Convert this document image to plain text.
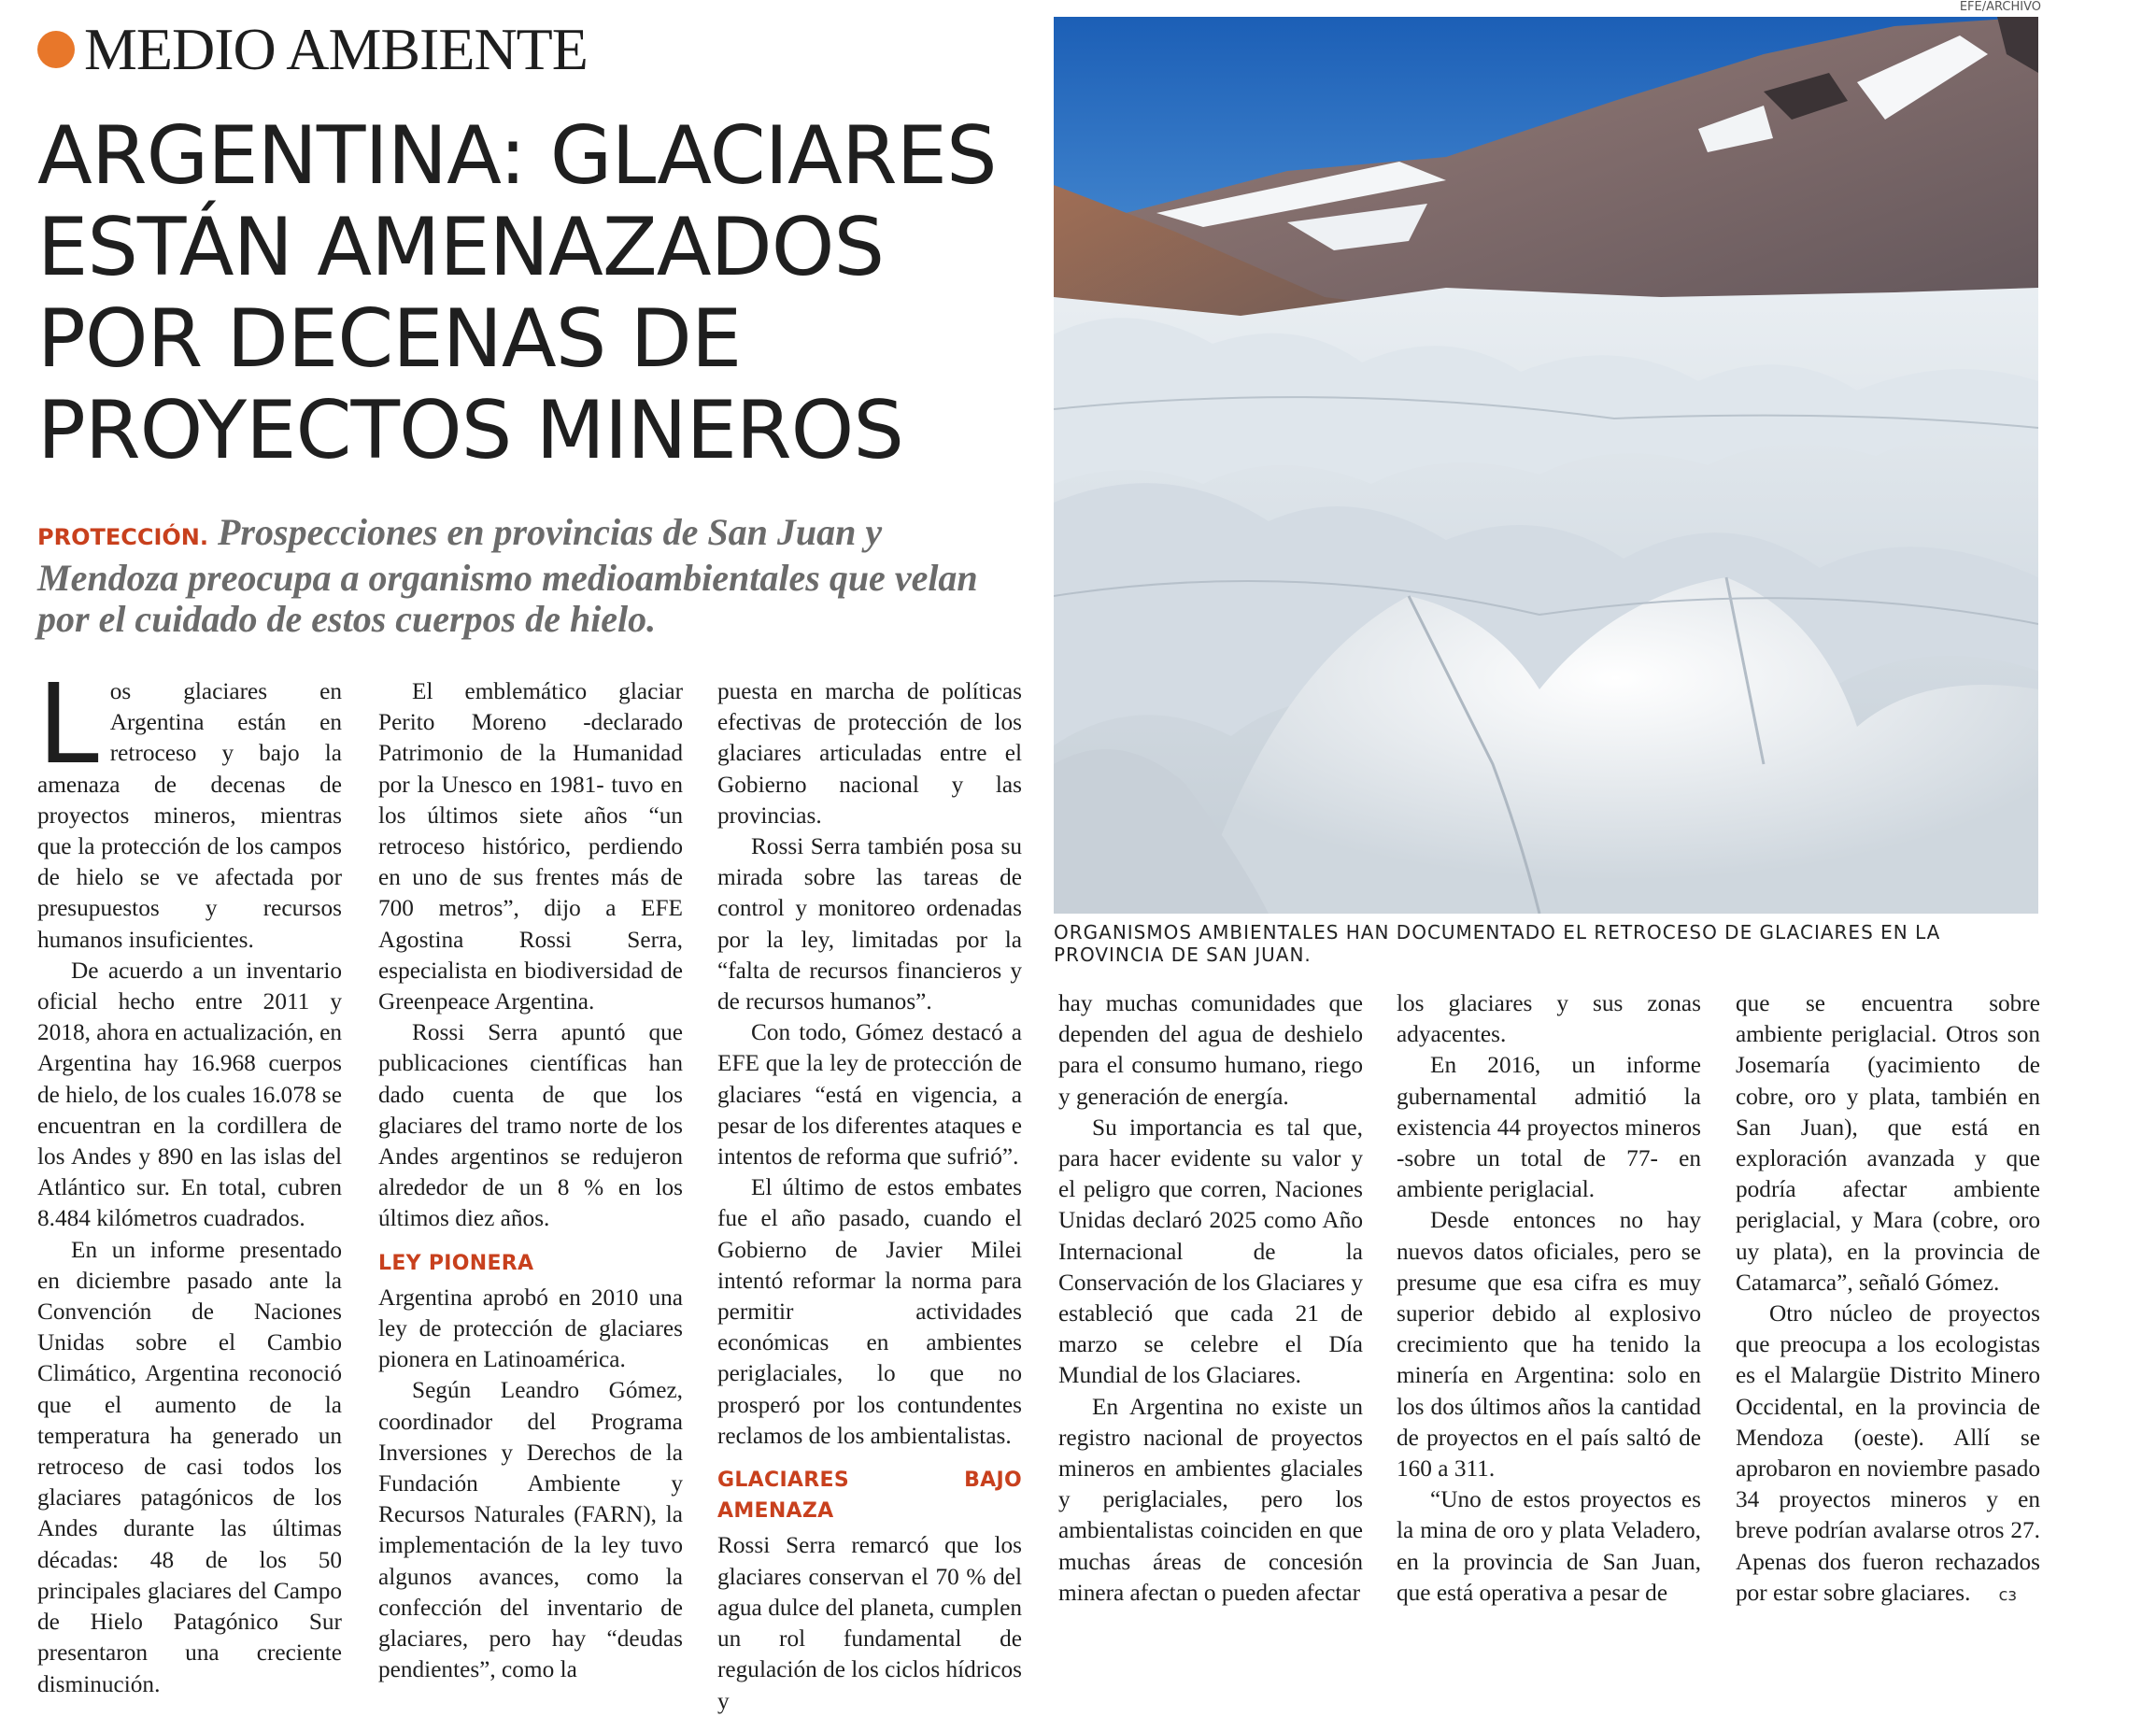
MEDIO AMBIENTE
ARGENTINA: GLACIARES
ESTÁN AMENAZADOS
POR DECENAS DE
PROYECTOS MINEROS
PROTECCIÓN. Prospecciones en provincias de San Juan y Mendoza preocupa a organismo medioambientales que velan por el cuidado de estos cuerpos de hielo.
EFE/ARCHIVO
ORGANISMOS AMBIENTALES HAN DOCUMENTADO EL RETROCESO DE GLACIARES EN LA PROVINCIA DE SAN JUAN.
L os glaciares en Argentina están en retroceso y bajo la amenaza de decenas de proyectos mineros, mientras que la protección de los campos de hielo se ve afectada por presupuestos y recursos humanos insuficientes.

De acuerdo a un inventario oficial hecho entre 2011 y 2018, ahora en actualización, en Argentina hay 16.968 cuerpos de hielo, de los cuales 16.078 se encuentran en la cordillera de los Andes y 890 en las islas del Atlántico sur. En total, cubren 8.484 kilómetros cuadrados.

En un informe presentado en diciembre pasado ante la Convención de Naciones Unidas sobre el Cambio Climático, Argentina reconoció que el aumento de la temperatura ha generado un retroceso de casi todos los glaciares patagónicos de los Andes durante las últimas décadas: 48 de los 50 principales glaciares del Campo de Hielo Patagónico Sur presentaron una creciente disminución.

El emblemático glaciar Perito Moreno -declarado Patrimonio de la Humanidad por la Unesco en 1981- tuvo en los últimos siete años “un retroceso histórico, perdiendo en uno de sus frentes más de 700 metros”, dijo a EFE Agostina Rossi Serra, especialista en biodiversidad de Greenpeace Argentina.

Rossi Serra apuntó que publicaciones científicas han dado cuenta de que los glaciares del tramo norte de los Andes argentinos se redujeron alrededor de un 8 % en los últimos diez años.

LEY PIONERA

Argentina aprobó en 2010 una ley de protección de glaciares pionera en Latinoamérica.

Según Leandro Gómez, coordinador del Programa Inversiones y Derechos de la Fundación Ambiente y Recursos Naturales (FARN), la implementación de la ley tuvo algunos avances, como la confección del inventario de glaciares, pero hay “deudas pendientes”, como la

puesta en marcha de políticas efectivas de protección de los glaciares articuladas entre el Gobierno nacional y las provincias.

Rossi Serra también posa su mirada sobre las tareas de control y monitoreo ordenadas por la ley, limitadas por la “falta de recursos financieros y de recursos humanos”.

Con todo, Gómez destacó a EFE que la ley de protección de glaciares “está en vigencia, a pesar de los diferentes ataques e intentos de reforma que sufrió”.

El último de estos embates fue el año pasado, cuando el Gobierno de Javier Milei intentó reformar la norma para permitir actividades económicas en ambientes periglaciales, lo que no prosperó por los contundentes reclamos de los ambientalistas.

GLACIARES BAJO AMENAZA

Rossi Serra remarcó que los glaciares conservan el 70 % del agua dulce del planeta, cumplen un rol fundamental de regulación de los ciclos hídricos y

hay muchas comunidades que dependen del agua de deshielo para el consumo humano, riego y generación de energía.

Su importancia es tal que, para hacer evidente su valor y el peligro que corren, Naciones Unidas declaró 2025 como Año Internacional de la Conservación de los Glaciares y estableció que cada 21 de marzo se celebre el Día Mundial de los Glaciares.

En Argentina no existe un registro nacional de proyectos mineros en ambientes glaciales y periglaciales, pero los ambientalistas coinciden en que muchas áreas de concesión minera afectan o pueden afectar

los glaciares y sus zonas adyacentes.

En 2016, un informe gubernamental admitió la existencia 44 proyectos mineros -sobre un total de 77- en ambiente periglacial.

Desde entonces no hay nuevos datos oficiales, pero se presume que esa cifra es muy superior debido al explosivo crecimiento que ha tenido la minería en Argentina: solo en los dos últimos años la cantidad de proyectos en el país saltó de 160 a 311.

“Uno de estos proyectos es la mina de oro y plata Veladero, en la provincia de San Juan, que está operativa a pesar de

que se encuentra sobre ambiente periglacial. Otros son Josemaría (yacimiento de cobre, oro y plata, también en San Juan), que está en exploración avanzada y que podría afectar ambiente periglacial, y Mara (cobre, oro uy plata), en la provincia de Catamarca”, señaló Gómez.

Otro núcleo de proyectos que preocupa a los ecologistas es el Malargüe Distrito Minero Occidental, en la provincia de Mendoza (oeste). Allí se aprobaron en noviembre pasado 34 proyectos mineros y en breve podrían avalarse otros 27. Apenas dos fueron rechazados por estar sobre glaciares. cз
